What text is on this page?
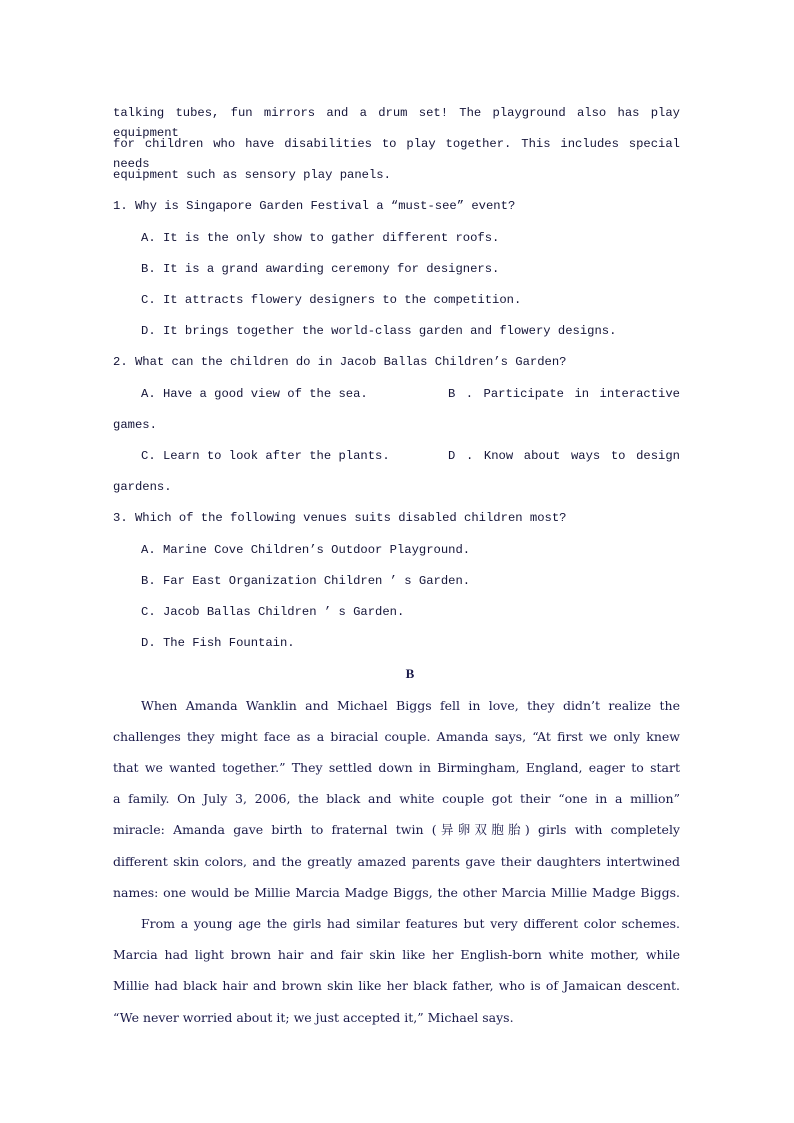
talking tubes, fun mirrors and a drum set! The playground also has play equipment
for children who have disabilities to play together. This includes special needs
equipment such as sensory play panels.
1. Why is Singapore Garden Festival a “must-see” event?
A. It is the only show to gather different roofs.
B. It is a grand awarding ceremony for designers.
C. It attracts flowery designers to the competition.
D. It brings together the world-class garden and flowery designs.
2. What can the children do in Jacob Ballas Children’s Garden?
A. Have a good view of the sea.	B . Participate in interactive
games.
C. Learn to look after the plants.	D . Know about ways to design
gardens.
3. Which of the following venues suits disabled children most?
A. Marine Cove Children’s Outdoor Playground.
B. Far East Organization Children ’ s Garden.
C. Jacob Ballas Children ’ s Garden.
D. The Fish Fountain.
B
When Amanda Wanklin and Michael Biggs fell in love, they didn’t realize the
challenges they might face as a biracial couple. Amanda says, “At first we only knew
that we wanted together.” They settled down in Birmingham, England, eager to start
a family. On July 3, 2006, the black and white couple got their “one in a million”
miracle: Amanda gave birth to fraternal twin (异卵双胞胎) girls with completely
different skin colors, and the greatly amazed parents gave their daughters intertwined
names: one would be Millie Marcia Madge Biggs, the other Marcia Millie Madge Biggs.
From a young age the girls had similar features but very different color schemes.
Marcia had light brown hair and fair skin like her English-born white mother, while
Millie had black hair and brown skin like her black father, who is of Jamaican descent.
“We never worried about it; we just accepted it,” Michael says.
